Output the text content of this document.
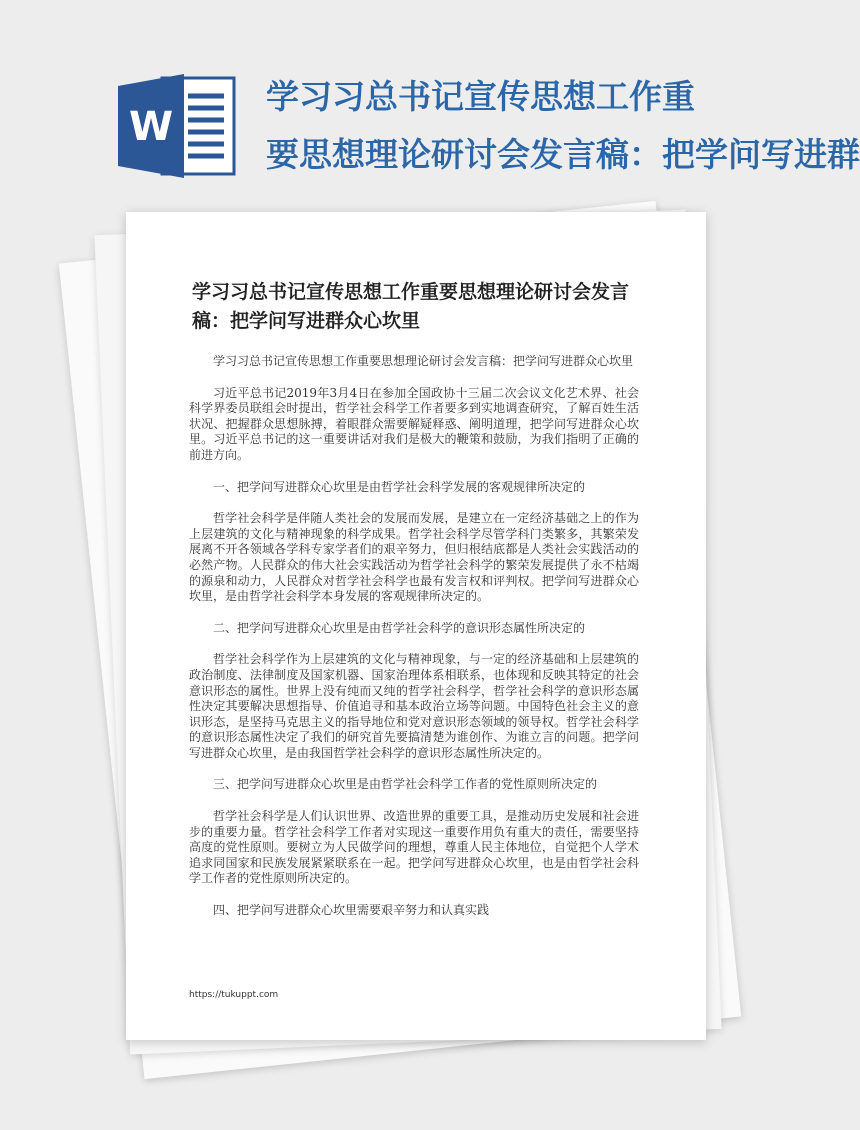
学习习总书记宣传思想工作重
要思想理论研讨会发言稿：把学问写进群
W
学习习总书记宣传思想工作重要思想理论研讨会发言稿：把学问写进群众心坎里

学习习总书记宣传思想工作重要思想理论研讨会发言稿：把学问写进群众心坎里

习近平总书记2019年3月4日在参加全国政协十三届二次会议文化艺术界、社会科学界委员联组会时提出，哲学社会科学工作者要多到实地调查研究，了解百姓生活状况、把握群众思想脉搏，着眼群众需要解疑释惑、阐明道理，把学问写进群众心坎里。习近平总书记的这一重要讲话对我们是极大的鞭策和鼓励，为我们指明了正确的前进方向。

一、把学问写进群众心坎里是由哲学社会科学发展的客观规律所决定的

哲学社会科学是伴随人类社会的发展而发展，是建立在一定经济基础之上的作为上层建筑的文化与精神现象的科学成果。哲学社会科学尽管学科门类繁多，其繁荣发展离不开各领域各学科专家学者们的艰辛努力，但归根结底都是人类社会实践活动的必然产物。人民群众的伟大社会实践活动为哲学社会科学的繁荣发展提供了永不枯竭的源泉和动力，人民群众对哲学社会科学也最有发言权和评判权。把学问写进群众心坎里，是由哲学社会科学本身发展的客观规律所决定的。

二、把学问写进群众心坎里是由哲学社会科学的意识形态属性所决定的

哲学社会科学作为上层建筑的文化与精神现象，与一定的经济基础和上层建筑的政治制度、法律制度及国家机器、国家治理体系相联系，也体现和反映其特定的社会意识形态的属性。世界上没有纯而又纯的哲学社会科学，哲学社会科学的意识形态属性决定其要解决思想指导、价值追寻和基本政治立场等问题。中国特色社会主义的意识形态，是坚持马克思主义的指导地位和党对意识形态领域的领导权。哲学社会科学的意识形态属性决定了我们的研究首先要搞清楚为谁创作、为谁立言的问题。把学问写进群众心坎里，是由我国哲学社会科学的意识形态属性所决定的。

三、把学问写进群众心坎里是由哲学社会科学工作者的党性原则所决定的

哲学社会科学是人们认识世界、改造世界的重要工具，是推动历史发展和社会进步的重要力量。哲学社会科学工作者对实现这一重要作用负有重大的责任，需要坚持高度的党性原则。要树立为人民做学问的理想，尊重人民主体地位，自觉把个人学术追求同国家和民族发展紧紧联系在一起。把学问写进群众心坎里，也是由哲学社会科学工作者的党性原则所决定的。

四、把学问写进群众心坎里需要艰辛努力和认真实践

https://tukuppt.com
